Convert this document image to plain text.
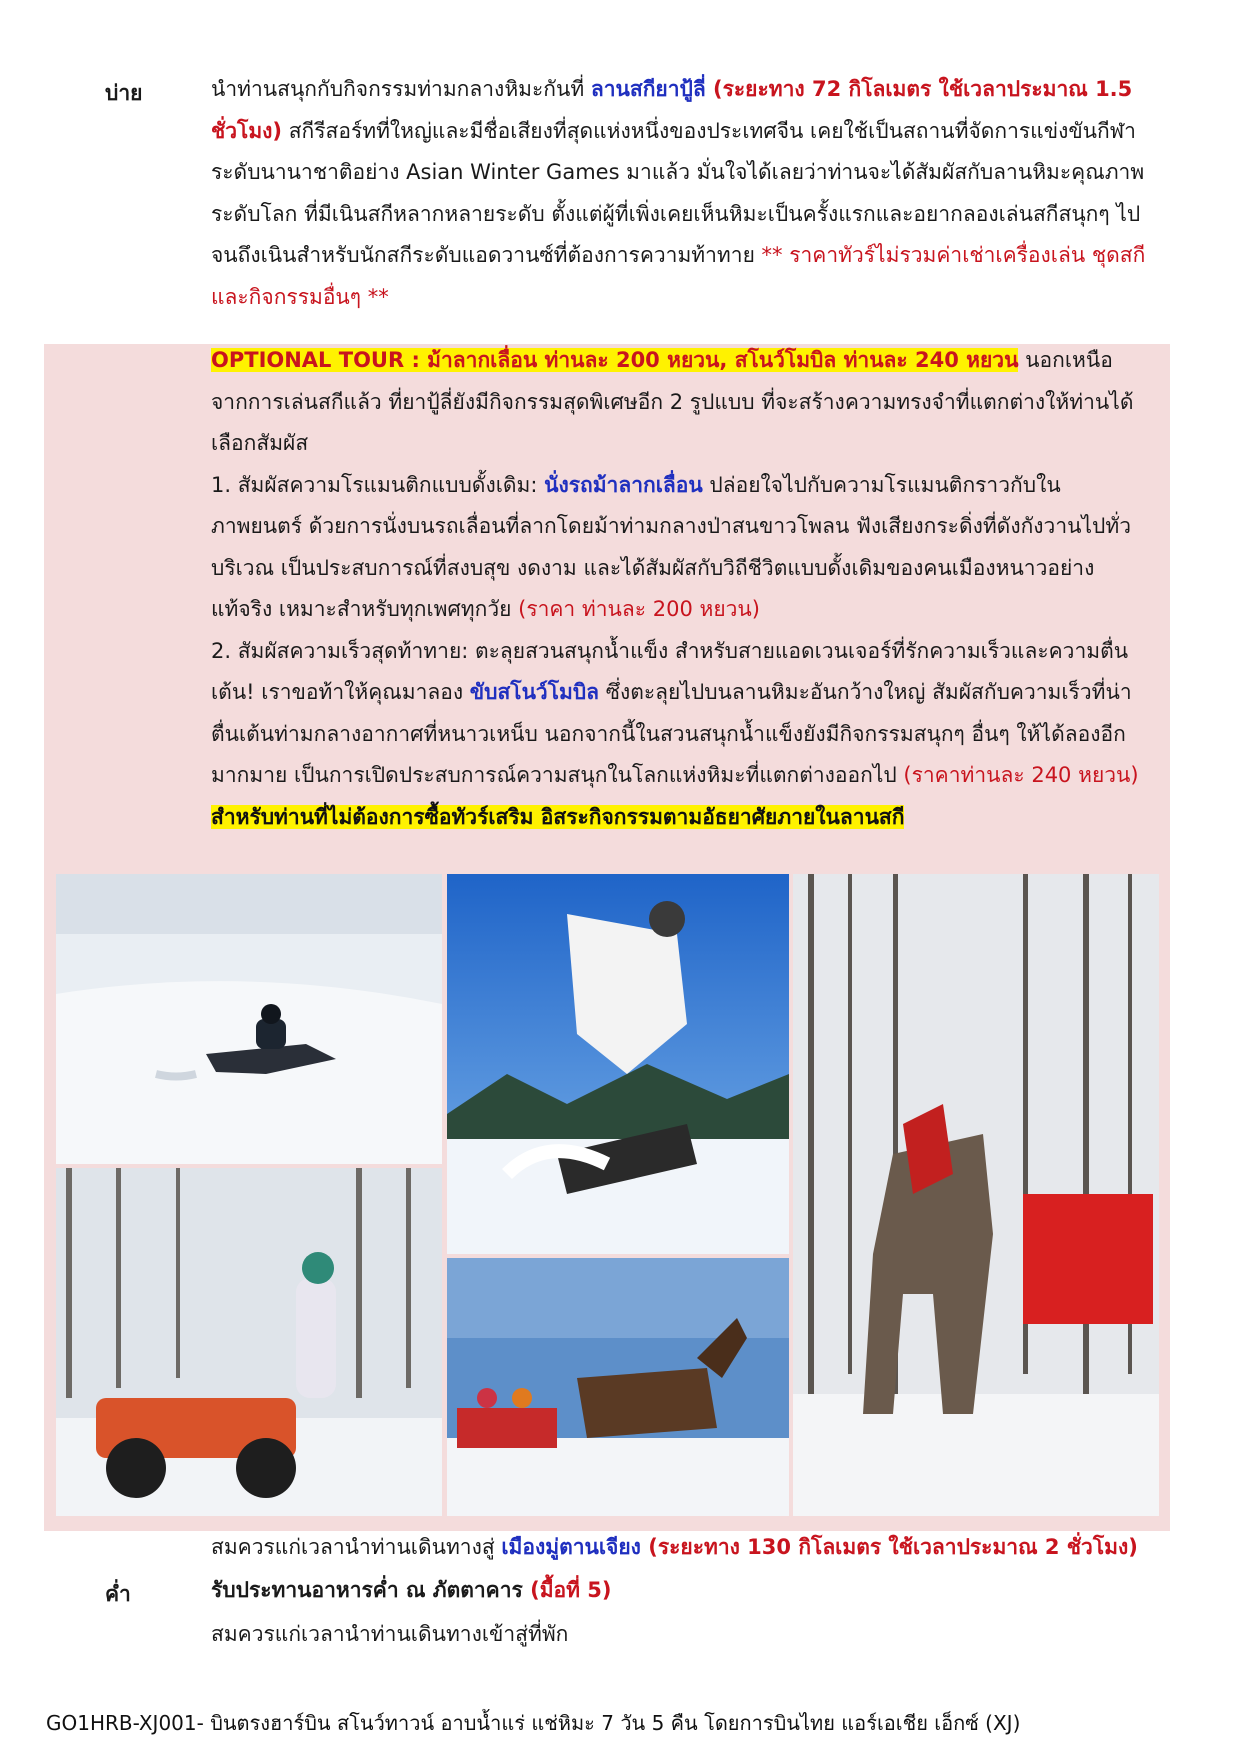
บ่าย	นำท่านสนุกกับกิจกรรมท่ามกลางหิมะกันที่ ลานสกียาปู้ลี่ (ระยะทาง 72 กิโลเมตร ใช้เวลาประมาณ 1.5 ชั่วโมง) สกีรีสอร์ทที่ใหญ่และมีชื่อเสียงที่สุดแห่งหนึ่งของประเทศจีน เคยใช้เป็นสถานที่จัดการแข่งขันกีฬาระดับนานาชาติอย่าง Asian Winter Games มาแล้ว มั่นใจได้เลยว่าท่านจะได้สัมผัสกับลานหิมะคุณภาพระดับโลก ที่มีเนินสกีหลากหลายระดับ ตั้งแต่ผู้ที่เพิ่งเคยเห็นหิมะเป็นครั้งแรกและอยากลองเล่นสกีสนุกๆ ไปจนถึงเนินสำหรับนักสกีระดับแอดวานซ์ที่ต้องการความท้าทาย ** ราคาทัวร์ไม่รวมค่าเช่าเครื่องเล่น ชุดสกี และกิจกรรมอื่นๆ **
OPTIONAL TOUR : ม้าลากเลื่อน ท่านละ 200 หยวน, สโนว์โมบิล ท่านละ 240 หยวน นอกเหนือจากการเล่นสกีแล้ว ที่ยาปู้ลี่ยังมีกิจกรรมสุดพิเศษอีก 2 รูปแบบ ที่จะสร้างความทรงจำที่แตกต่างให้ท่านได้เลือกสัมผัส
1. สัมผัสความโรแมนติกแบบดั้งเดิม: นั่งรถม้าลากเลื่อน ปล่อยใจไปกับความโรแมนติกราวกับในภาพยนตร์ ด้วยการนั่งบนรถเลื่อนที่ลากโดยม้าท่ามกลางป่าสนขาวโพลน ฟังเสียงกระดิ่งที่ดังกังวานไปทั่วบริเวณ เป็นประสบการณ์ที่สงบสุข งดงาม และได้สัมผัสกับวิถีชีวิตแบบดั้งเดิมของคนเมืองหนาวอย่างแท้จริง เหมาะสำหรับทุกเพศทุกวัย (ราคา ท่านละ 200 หยวน)
2. สัมผัสความเร็วสุดท้าทาย: ตะลุยสวนสนุกน้ำแข็ง สำหรับสายแอดเวนเจอร์ที่รักความเร็วและความตื่นเต้น! เราขอท้าให้คุณมาลอง ขับสโนว์โมบิล ซึ่งตะลุยไปบนลานหิมะอันกว้างใหญ่ สัมผัสกับความเร็วที่น่าตื่นเต้นท่ามกลางอากาศที่หนาวเหน็บ นอกจากนี้ในสวนสนุกน้ำแข็งยังมีกิจกรรมสนุกๆ อื่นๆ ให้ได้ลองอีกมากมาย เป็นการเปิดประสบการณ์ความสนุกในโลกแห่งหิมะที่แตกต่างออกไป (ราคาท่านละ 240 หยวน) สำหรับท่านที่ไม่ต้องการซื้อทัวร์เสริม อิสระกิจกรรมตามอัธยาศัยภายในลานสกี
สมควรแก่เวลานำท่านเดินทางสู่ เมืองมู่ตานเจียง (ระยะทาง 130 กิโลเมตร ใช้เวลาประมาณ 2 ชั่วโมง)
ค่ำ	รับประทานอาหารค่ำ ณ ภัตตาคาร (มื้อที่ 5)
สมควรแก่เวลานำท่านเดินทางเข้าสู่ที่พัก
GO1HRB-XJ001- บินตรงฮาร์บิน สโนว์ทาวน์ อาบน้ำแร่ แช่หิมะ 7 วัน 5 คืน โดยการบินไทย แอร์เอเชีย เอ็กซ์ (XJ)
